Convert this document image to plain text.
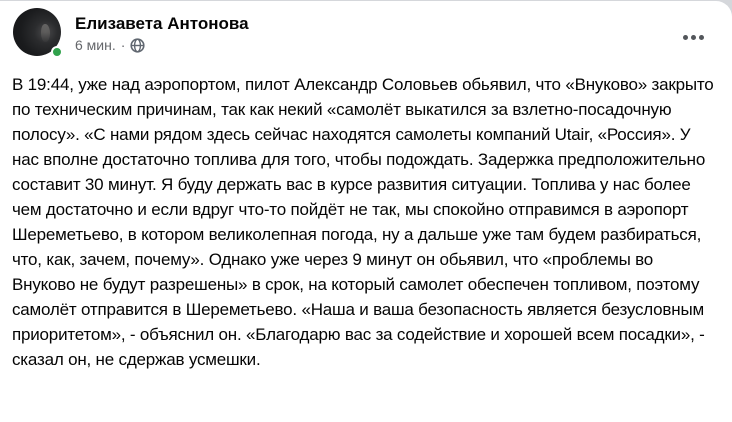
Елизавета Антонова
6 мин. ·
В 19:44, уже над аэропортом, пилот Александр Соловьев обьявил, что «Внуково» закрыто по техническим причинам, так как некий «самолёт выкатился за взлетно-посадочную полосу». «С нами рядом здесь сейчас находятся самолеты компаний Utair, «Россия». У нас вполне достаточно топлива для того, чтобы подождать. Задержка предположительно составит 30 минут. Я буду держать вас в курсе развития ситуации. Топлива у нас более чем достаточно и если вдруг что-то пойдёт не так, мы спокойно отправимся в аэропорт Шереметьево, в котором великолепная погода, ну а дальше уже там будем разбираться, что, как, зачем, почему». Однако уже через 9 минут он обьявил, что «проблемы во Внуково не будут разрешены» в срок, на который самолет обеспечен топливом, поэтому самолёт отправится в Шереметьево. «Наша и ваша безопасность является безусловным приоритетом», - объяснил он. «Благодарю вас за содействие и хорошей всем посадки», - сказал он, не сдержав усмешки.
